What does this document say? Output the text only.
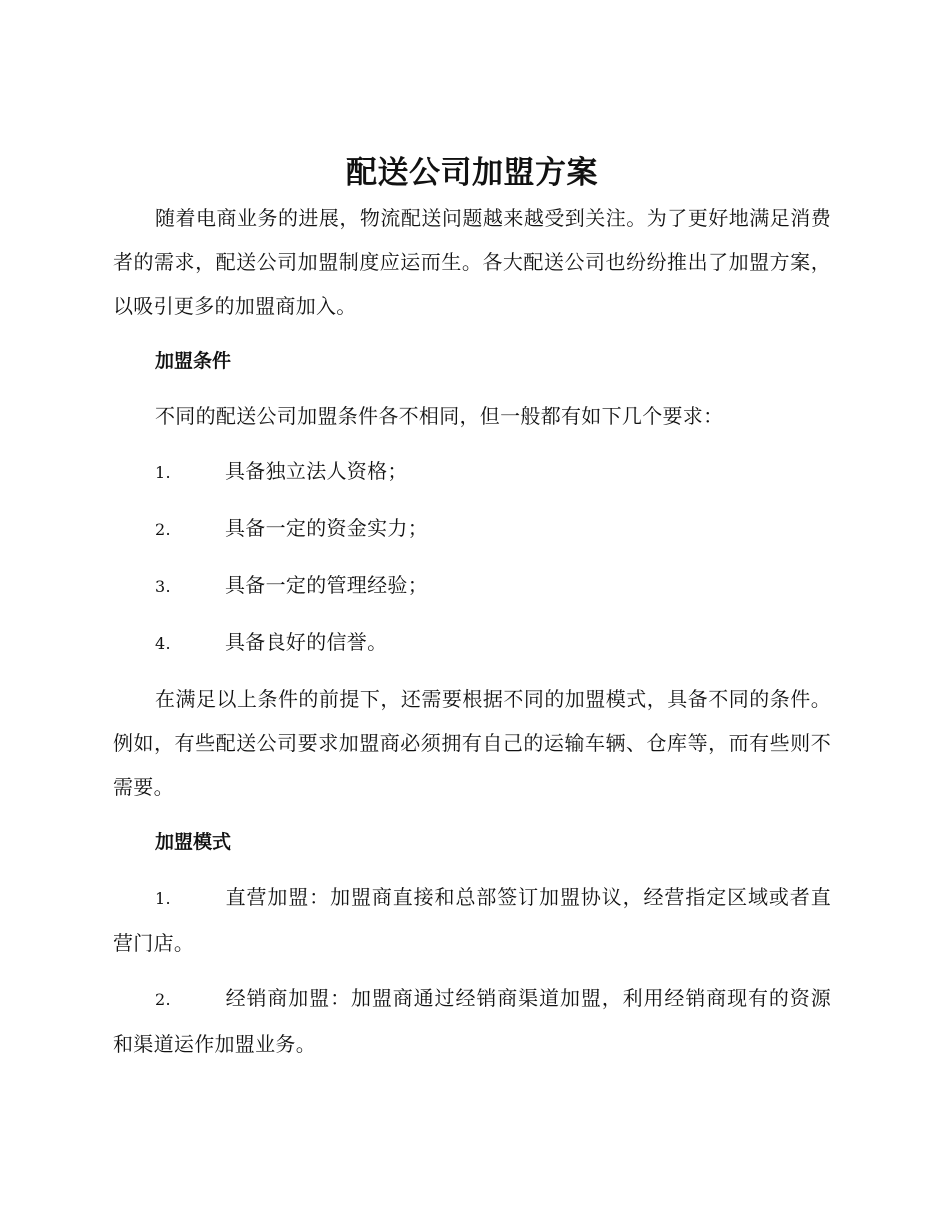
配送公司加盟方案

随着电商业务的进展，物流配送问题越来越受到关注。为了更好地满足消费者的需求，配送公司加盟制度应运而生。各大配送公司也纷纷推出了加盟方案，以吸引更多的加盟商加入。

加盟条件

不同的配送公司加盟条件各不相同，但一般都有如下几个要求：

1.	具备独立法人资格；

2.	具备一定的资金实力；

3.	具备一定的管理经验；

4.	具备良好的信誉。

在满足以上条件的前提下，还需要根据不同的加盟模式，具备不同的条件。例如，有些配送公司要求加盟商必须拥有自己的运输车辆、仓库等，而有些则不需要。

加盟模式

1.	直营加盟：加盟商直接和总部签订加盟协议，经营指定区域或者直营门店。

2.	经销商加盟：加盟商通过经销商渠道加盟，利用经销商现有的资源和渠道运作加盟业务。
